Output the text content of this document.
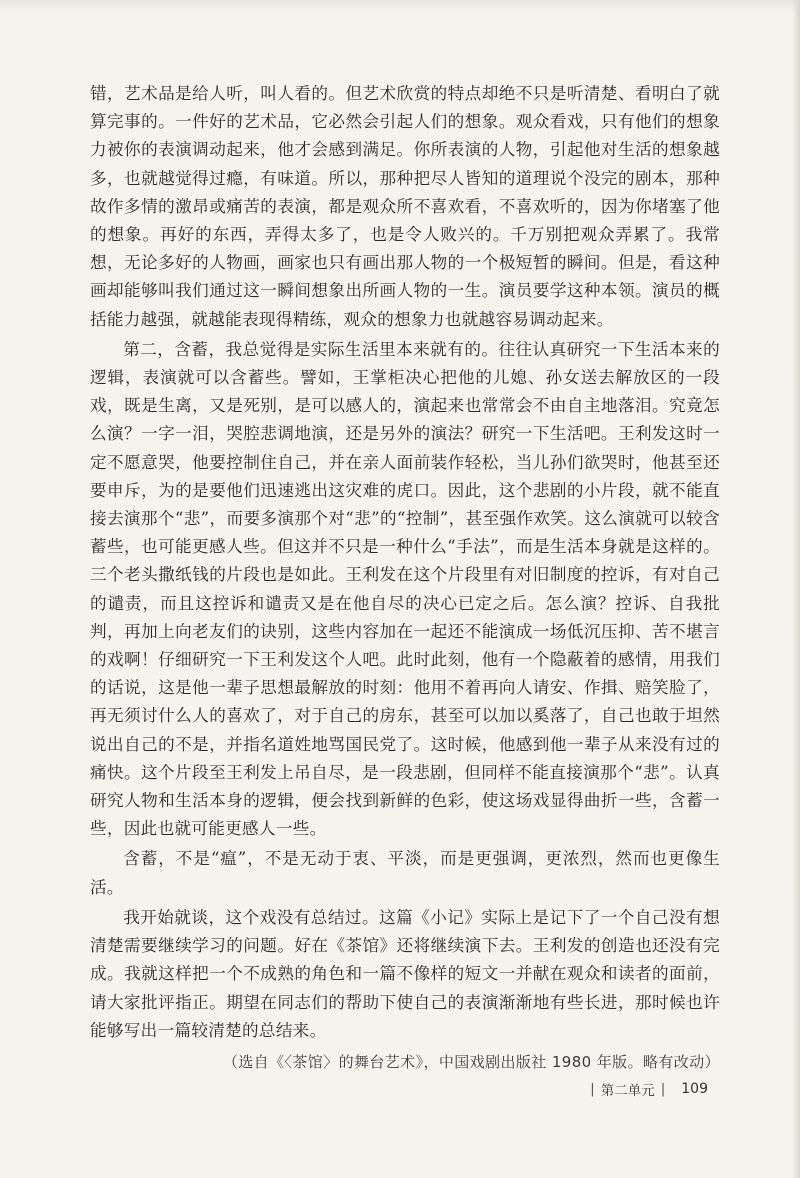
错，艺术品是给人听，叫人看的。但艺术欣赏的特点却绝不只是听清楚、看明白了就算完事的。一件好的艺术品，它必然会引起人们的想象。观众看戏，只有他们的想象力被你的表演调动起来，他才会感到满足。你所表演的人物，引起他对生活的想象越多，也就越觉得过瘾，有味道。所以，那种把尽人皆知的道理说个没完的剧本，那种故作多情的激昂或痛苦的表演，都是观众所不喜欢看，不喜欢听的，因为你堵塞了他的想象。再好的东西，弄得太多了，也是令人败兴的。千万别把观众弄累了。我常想，无论多好的人物画，画家也只有画出那人物的一个极短暂的瞬间。但是，看这种画却能够叫我们通过这一瞬间想象出所画人物的一生。演员要学这种本领。演员的概括能力越强，就越能表现得精练，观众的想象力也就越容易调动起来。

第二，含蓄，我总觉得是实际生活里本来就有的。往往认真研究一下生活本来的逻辑，表演就可以含蓄些。譬如，王掌柜决心把他的儿媳、孙女送去解放区的一段戏，既是生离，又是死别，是可以感人的，演起来也常常会不由自主地落泪。究竟怎么演？一字一泪，哭腔悲调地演，还是另外的演法？研究一下生活吧。王利发这时一定不愿意哭，他要控制住自己，并在亲人面前装作轻松，当儿孙们欲哭时，他甚至还要申斥，为的是要他们迅速逃出这灾难的虎口。因此，这个悲剧的小片段，就不能直接去演那个“悲”，而要多演那个对“悲”的“控制”，甚至强作欢笑。这么演就可以较含蓄些，也可能更感人些。但这并不只是一种什么“手法”，而是生活本身就是这样的。三个老头撒纸钱的片段也是如此。王利发在这个片段里有对旧制度的控诉，有对自己的谴责，而且这控诉和谴责又是在他自尽的决心已定之后。怎么演？控诉、自我批判，再加上向老友们的诀别，这些内容加在一起还不能演成一场低沉压抑、苦不堪言的戏啊！仔细研究一下王利发这个人吧。此时此刻，他有一个隐蔽着的感情，用我们的话说，这是他一辈子思想最解放的时刻：他用不着再向人请安、作揖、赔笑脸了，再无须讨什么人的喜欢了，对于自己的房东，甚至可以加以奚落了，自己也敢于坦然说出自己的不是，并指名道姓地骂国民党了。这时候，他感到他一辈子从来没有过的痛快。这个片段至王利发上吊自尽，是一段悲剧，但同样不能直接演那个“悲”。认真研究人物和生活本身的逻辑，便会找到新鲜的色彩，使这场戏显得曲折一些，含蓄一些，因此也就可能更感人一些。

含蓄，不是“瘟”，不是无动于衷、平淡，而是更强调，更浓烈，然而也更像生活。

我开始就谈，这个戏没有总结过。这篇《小记》实际上是记下了一个自己没有想清楚需要继续学习的问题。好在《茶馆》还将继续演下去。王利发的创造也还没有完成。我就这样把一个不成熟的角色和一篇不像样的短文一并献在观众和读者的面前，请大家批评指正。期望在同志们的帮助下使自己的表演渐渐地有些长进，那时候也许能够写出一篇较清楚的总结来。

（选自《〈茶馆〉的舞台艺术》，中国戏剧出版社 1980 年版。略有改动）

| 第二单元 | 109
